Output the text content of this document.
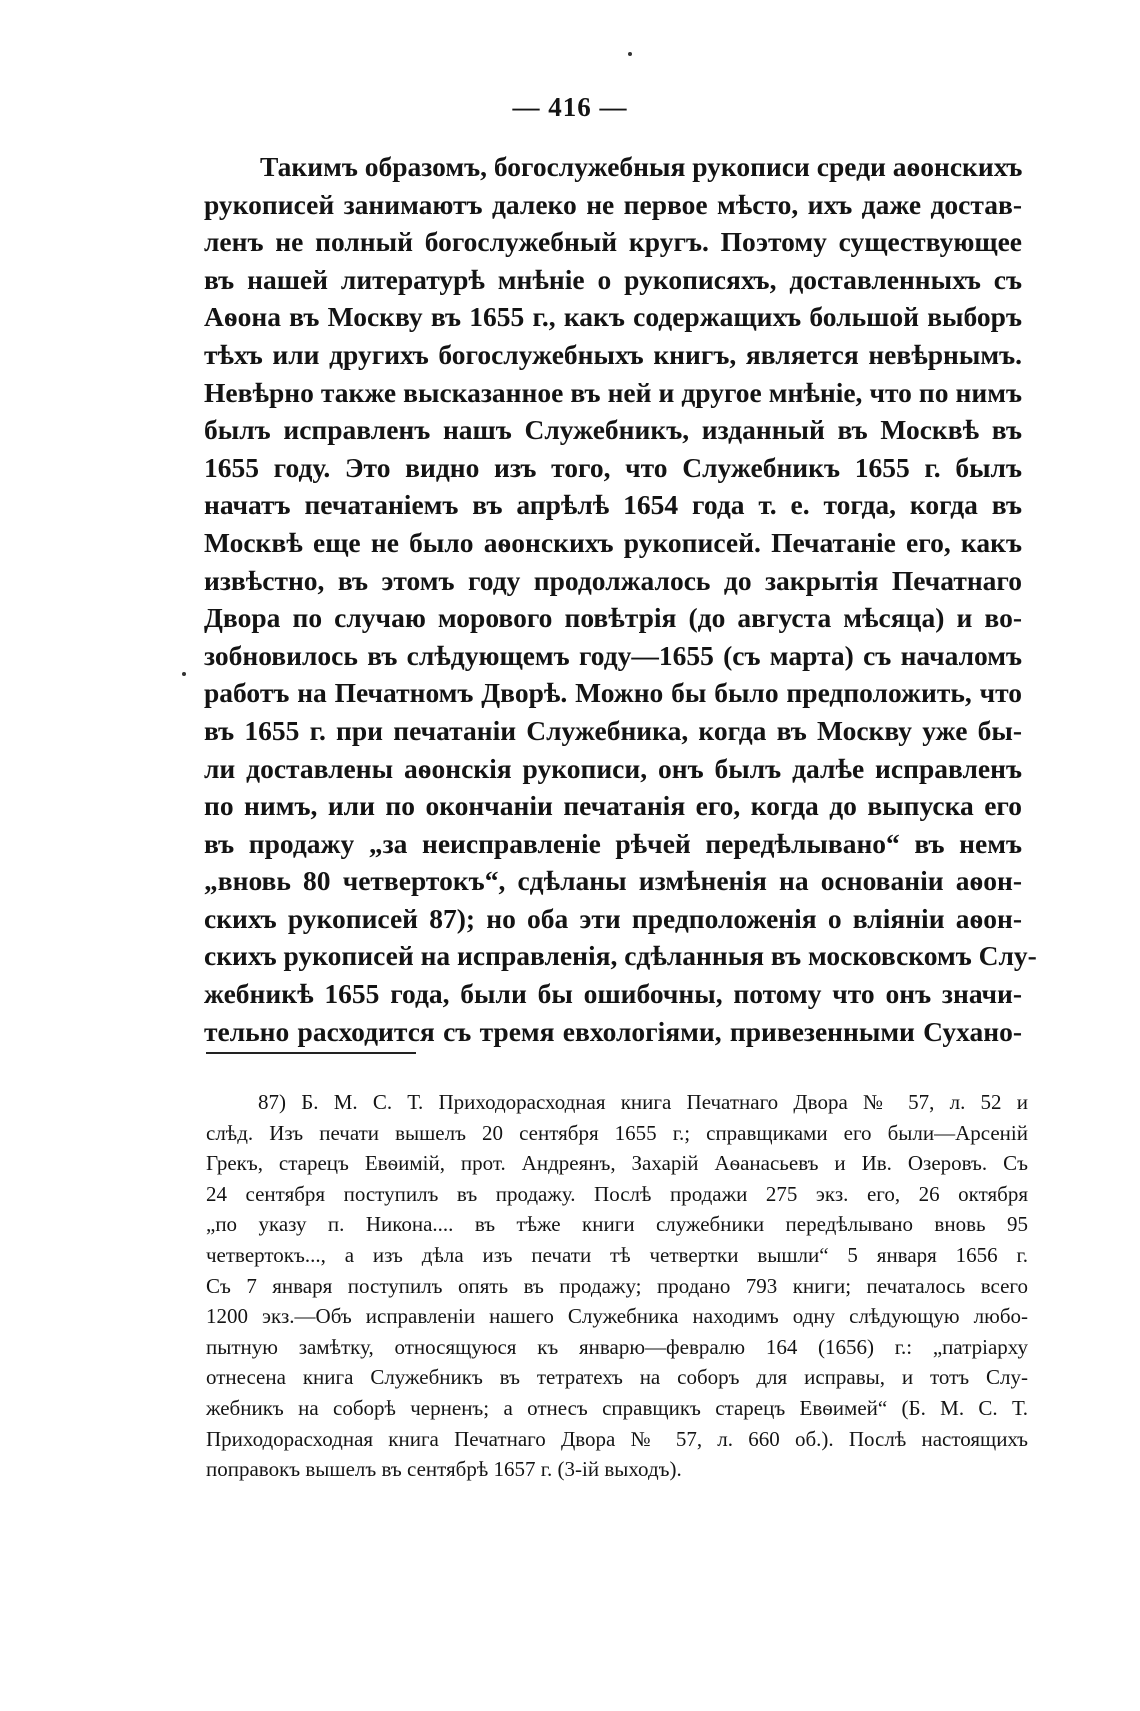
— 416 —
Такимъ образомъ, богослужебныя рукописи среди аѳонскихъ
рукописей занимаютъ далеко не первое мѣсто, ихъ даже достав-
ленъ не полный богослужебный кругъ. Поэтому существующее
въ нашей литературѣ мнѣніе о рукописяхъ, доставленныхъ съ
Аѳона въ Москву въ 1655 г., какъ содержащихъ большой выборъ
тѣхъ или другихъ богослужебныхъ книгъ, является невѣрнымъ.
Невѣрно также высказанное въ ней и другое мнѣніе, что по нимъ
былъ исправленъ нашъ Служебникъ, изданный въ Москвѣ въ
1655 году. Это видно изъ того, что Служебникъ 1655 г. былъ
начатъ печатаніемъ въ апрѣлѣ 1654 года т. е. тогда, когда въ
Москвѣ еще не было аѳонскихъ рукописей. Печатаніе его, какъ
извѣстно, въ этомъ году продолжалось до закрытія Печатнаго
Двора по случаю морового повѣтрія (до августа мѣсяца) и во-
зобновилось въ слѣдующемъ году—1655 (съ марта) съ началомъ
работъ на Печатномъ Дворѣ. Можно бы было предположить, что
въ 1655 г. при печатаніи Служебника, когда въ Москву уже бы-
ли доставлены аѳонскія рукописи, онъ былъ далѣе исправленъ
по нимъ, или по окончаніи печатанія его, когда до выпуска его
въ продажу „за неисправленіе рѣчей передѣлывано“ въ немъ
„вновь 80 четвертокъ“, сдѣланы измѣненія на основаніи аѳон-
скихъ рукописей 87); но оба эти предположенія о вліяніи аѳон-
скихъ рукописей на исправленія, сдѣланныя въ московскомъ Слу-
жебникѣ 1655 года, были бы ошибочны, потому что онъ значи-
тельно расходится съ тремя евхологіями, привезенными Сухано-
87) Б. М. С. Т. Приходорасходная книга Печатнаго Двора № 57, л. 52 и
слѣд. Изъ печати вышелъ 20 сентября 1655 г.; справщиками его были—Арсеній
Грекъ, старецъ Евѳимій, прот. Андреянъ, Захарій Аѳанасьевъ и Ив. Озеровъ. Съ
24 сентября поступилъ въ продажу. Послѣ продажи 275 экз. его, 26 октября
„по указу п. Никона.... въ тѣже книги служебники передѣлывано вновь 95
четвертокъ..., а изъ дѣла изъ печати тѣ четвертки вышли“ 5 января 1656 г.
Съ 7 января поступилъ опять въ продажу; продано 793 книги; печаталось всего
1200 экз.—Объ исправленіи нашего Служебника находимъ одну слѣдующую любо-
пытную замѣтку, относящуюся къ январю—февралю 164 (1656) г.: „патріарху
отнесена книга Служебникъ въ тетратехъ на соборъ для исправы, и тотъ Слу-
жебникъ на соборѣ черненъ; а отнесъ справщикъ старецъ Евѳимей“ (Б. М. С. Т.
Приходорасходная книга Печатнаго Двора № 57, л. 660 об.). Послѣ настоящихъ
поправокъ вышелъ въ сентябрѣ 1657 г. (3-ій выходъ).
